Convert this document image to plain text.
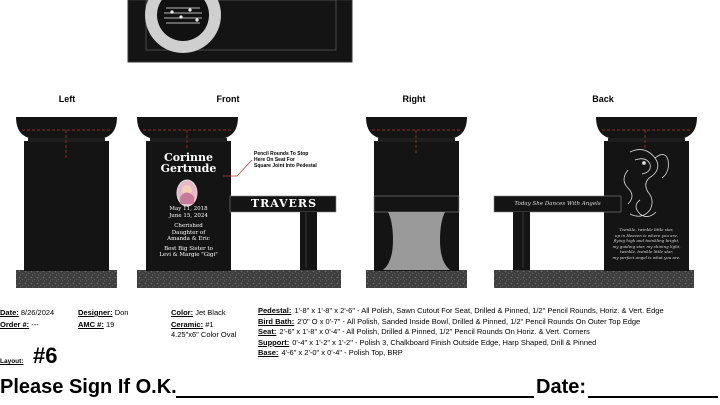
Left	Front	Right	Back
Corinne
Gertrude
May 11, 2018
June 15, 2024
Cherished
Daughter of
Amanda & Eric
Best Big Sister to
Levi & Margie "Gigi"
TRAVERS
Pencil Rounds To Stop
Here On Seat For
Square Joint Into Pedestal
Today She Dances With Angels
Twinkle, twinkle little star,
up in Heaven is where you are,
flying high and twinkling bright,
my guiding star, my shining light,
twinkle, twinkle little star,
my perfect angel is what you are.
Date: 8/26/2024
Order #: ---
Designer: Don
AMC #: 19
Color: Jet Black
Ceramic: #1
4.25"x6" Color Oval
Layout: #6
Pedestal: 1'-8" x 1'-8" x 2'-6" - All Polish, Sawn Cutout For Seat, Drilled & Pinned, 1/2" Pencil Rounds, Horiz. & Vert. Edge
Bird Bath: 2'0" O x 0'-7" - All Polish, Sanded Inside Bowl, Drilled & Pinned, 1/2" Pencil Rounds On Outer Top Edge
Seat: 2'-6" x 1'-8" x 0'-4" - All Polish, Drilled & Pinned, 1/2" Pencil Rounds On Horiz. & Vert. Corners
Support: 0'-4" x 1'-2" x 1'-2" - Polish 3, Chalkboard Finish Outside Edge, Harp Shaped, Drill & Pinned
Base: 4'-6" x 2'-0" x 0'-4" - Polish Top, BRP
Please Sign If O.K.	Date:
